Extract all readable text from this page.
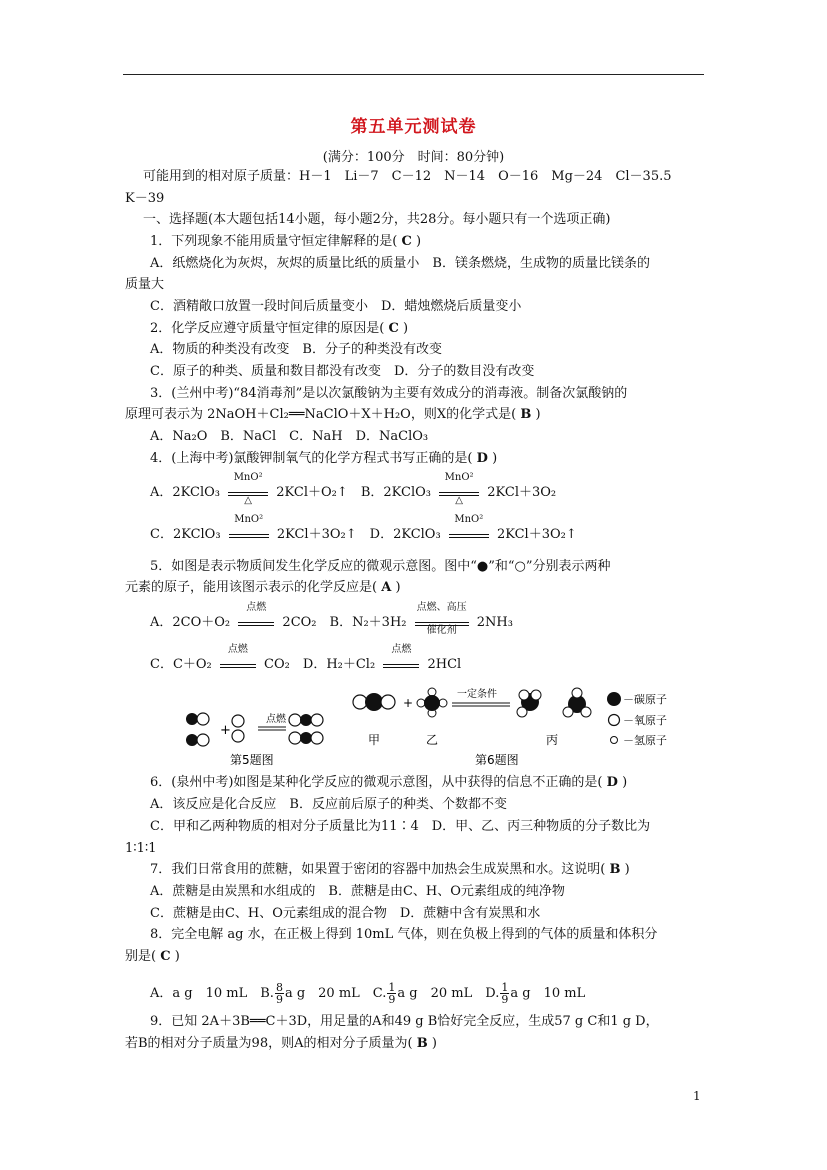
第五单元测试卷
(满分：100分　时间：80分钟)
可能用到的相对原子质量：H－1　Li－7　C－12　N－14　O－16　Mg－24　Cl－35.5
K－39
一、选择题(本大题包括14小题，每小题2分，共28分。每小题只有一个选项正确)
1．下列现象不能用质量守恒定律解释的是( C )
A．纸燃烧化为灰烬，灰烬的质量比纸的质量小　B．镁条燃烧，生成物的质量比镁条的
质量大
C．酒精敞口放置一段时间后质量变小　D．蜡烛燃烧后质量变小
2．化学反应遵守质量守恒定律的原因是( C )
A．物质的种类没有改变　B．分子的种类没有改变
C．原子的种类、质量和数目都没有改变　D．分子的数目没有改变
3．(兰州中考)“84消毒剂”是以次氯酸钠为主要有效成分的消毒液。制备次氯酸钠的
原理可表示为 2NaOH＋Cl₂══NaClO＋X＋H₂O，则X的化学式是( B )
A．Na₂O　B．NaCl　C．NaH　D．NaClO₃
4．(上海中考)氯酸钾制氧气的化学方程式书写正确的是( D )
A．2KClO₃
MnO²
△
2KCl＋O₂↑　 B．2KClO₃
MnO²
△
2KCl＋3O₂
C．2KClO₃
MnO²
2KCl＋3O₂↑　 D．2KClO₃
MnO²
2KCl＋3O₂↑
5．如图是表示物质间发生化学反应的微观示意图。图中“●”和“○”分别表示两种
元素的原子，能用该图示表示的化学反应是( A )
A．2CO＋O₂
点燃
2CO₂　 B．N₂＋3H₂
点燃、高压
催化剂
2NH₃
C．C＋O₂
点燃
CO₂　 D．H₂＋Cl₂
点燃
2HCl
+
点燃
第5题图
+
一定条件
甲	乙	丙
－碳原子
－氧原子
－氢原子
第6题图
6．(泉州中考)如图是某种化学反应的微观示意图，从中获得的信息不正确的是( D )
A．该反应是化合反应　B．反应前后原子的种类、个数都不变
C．甲和乙两种物质的相对分子质量比为11∶4　D．甲、乙、丙三种物质的分子数比为
1∶1∶1
7．我们日常食用的蔗糖，如果置于密闭的容器中加热会生成炭黑和水。这说明( B )
A．蔗糖是由炭黑和水组成的　B．蔗糖是由C、H、O元素组成的纯净物
C．蔗糖是由C、H、O元素组成的混合物　D．蔗糖中含有炭黑和水
8．完全电解 ag 水，在正极上得到 10mL 气体，则在负极上得到的气体的质量和体积分
别是( C )
A．a g　10 mL　 B. $\frac{8}{9}$ a g　20 mL　 C. $\frac{1}{9}$ a g　20 mL　 D. $\frac{1}{9}$ a g　10 mL
9．已知 2A＋3B══C＋3D，用足量的A和49 g B恰好完全反应，生成57 g C和1 g D，
若B的相对分子质量为98，则A的相对分子质量为( B )
1
